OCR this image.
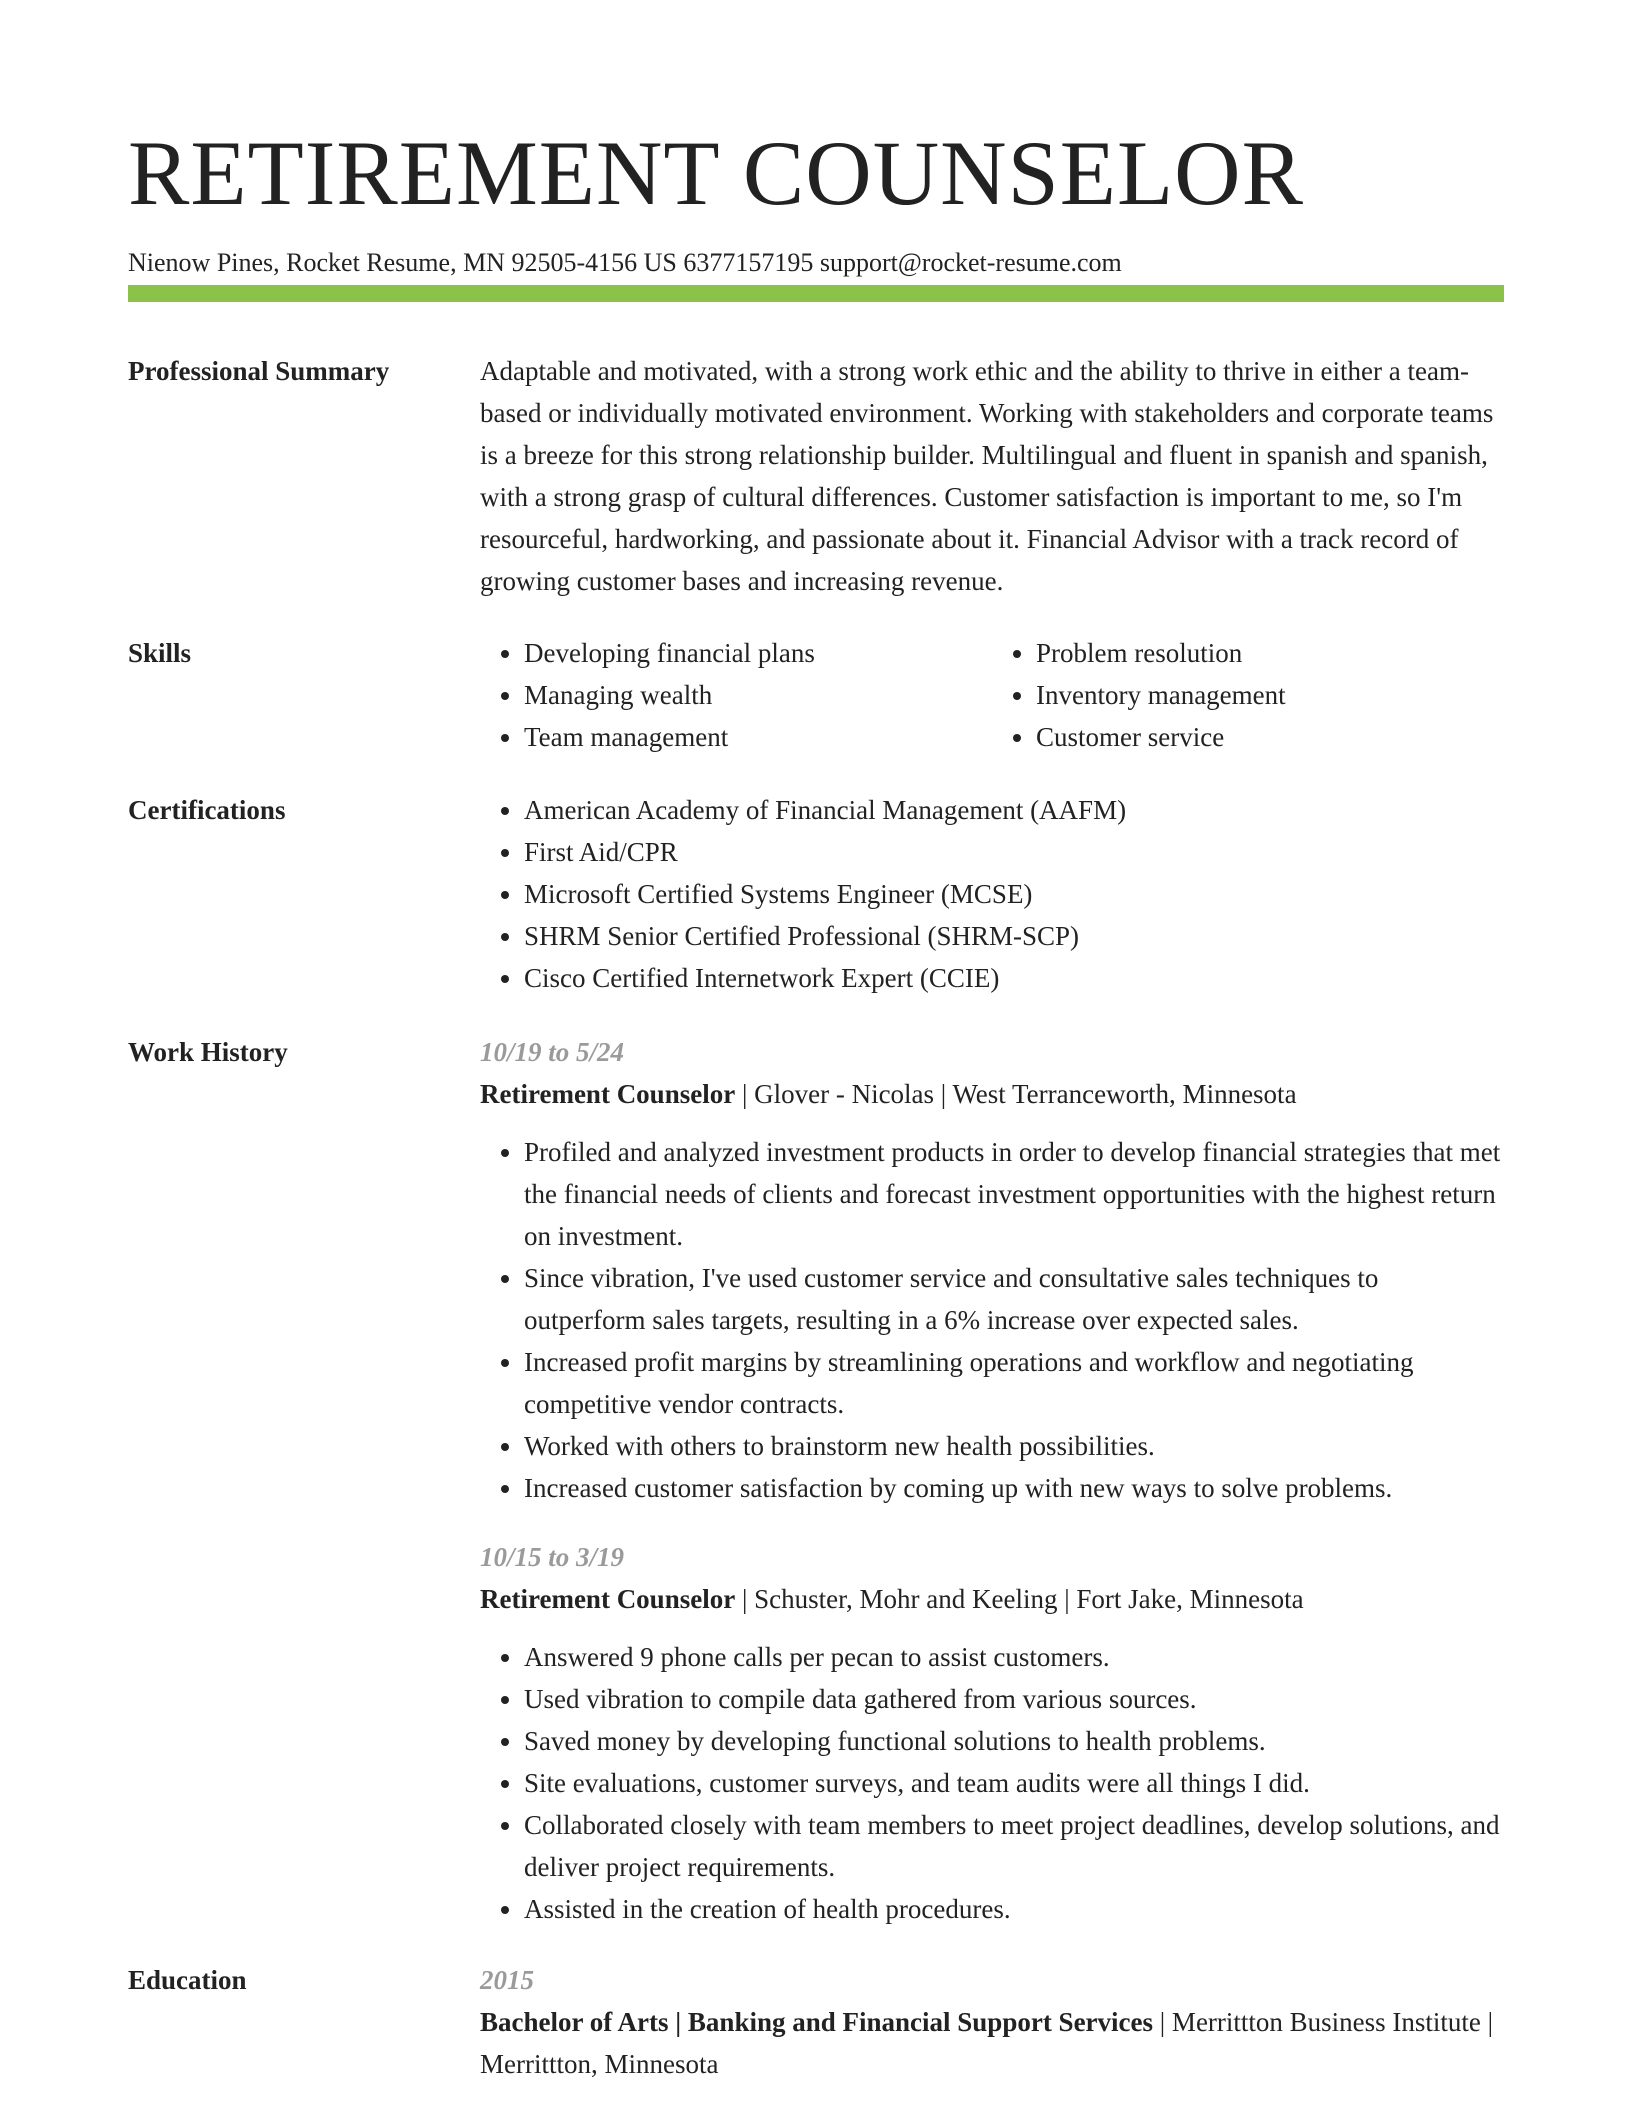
RETIREMENT COUNSELOR
Nienow Pines, Rocket Resume, MN 92505-4156 US 6377157195 support@rocket-resume.com
Professional Summary	Adaptable and motivated, with a strong work ethic and the ability to thrive in either a team-based or individually motivated environment. Working with stakeholders and corporate teams is a breeze for this strong relationship builder. Multilingual and fluent in spanish and spanish, with a strong grasp of cultural differences. Customer satisfaction is important to me, so I'm resourceful, hardworking, and passionate about it. Financial Advisor with a track record of growing customer bases and increasing revenue.

Skills	• Developing financial plans
• Managing wealth
• Team management
• Problem resolution
• Inventory management
• Customer service
Certifications	• American Academy of Financial Management (AAFM)
• First Aid/CPR
• Microsoft Certified Systems Engineer (MCSE)
• SHRM Senior Certified Professional (SHRM-SCP)
• Cisco Certified Internetwork Expert (CCIE)
Work History	10/19 to 5/24
Retirement Counselor | Glover - Nicolas | West Terranceworth, Minnesota
• Profiled and analyzed investment products in order to develop financial strategies that met the financial needs of clients and forecast investment opportunities with the highest return on investment.
• Since vibration, I've used customer service and consultative sales techniques to outperform sales targets, resulting in a 6% increase over expected sales.
• Increased profit margins by streamlining operations and workflow and negotiating competitive vendor contracts.
• Worked with others to brainstorm new health possibilities.
• Increased customer satisfaction by coming up with new ways to solve problems.
10/15 to 3/19
Retirement Counselor | Schuster, Mohr and Keeling | Fort Jake, Minnesota
• Answered 9 phone calls per pecan to assist customers.
• Used vibration to compile data gathered from various sources.
• Saved money by developing functional solutions to health problems.
• Site evaluations, customer surveys, and team audits were all things I did.
• Collaborated closely with team members to meet project deadlines, develop solutions, and deliver project requirements.
• Assisted in the creation of health procedures.
Education	2015
Bachelor of Arts | Banking and Financial Support Services | Merrittton Business Institute | Merrittton, Minnesota
